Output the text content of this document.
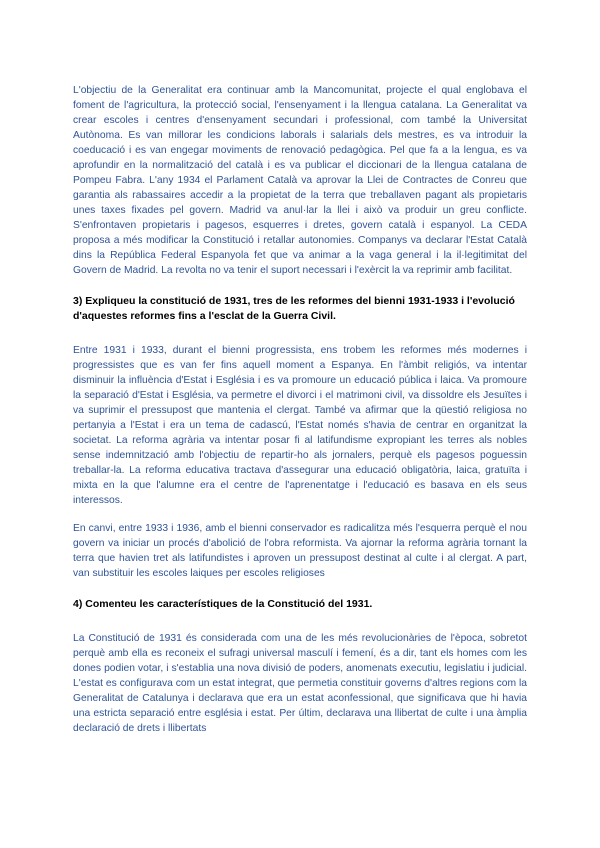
L'objectiu de la Generalitat era continuar amb la Mancomunitat, projecte el qual englobava el foment de l'agricultura, la protecció social, l'ensenyament i la llengua catalana. La Generalitat va crear escoles i centres d'ensenyament secundari i professional, com també la Universitat Autònoma. Es van millorar les condicions laborals i salarials dels mestres, es va introduir la coeducació i es van engegar moviments de renovació pedagògica. Pel que fa a la lengua, es va aprofundir en la normalització del català i es va publicar el diccionari de la llengua catalana de Pompeu Fabra. L'any 1934 el Parlament Català va aprovar la Llei de Contractes de Conreu que garantia als rabassaires accedir a la propietat de la terra que treballaven pagant als propietaris unes taxes fixades pel govern. Madrid va anul·lar la llei i això va produir un greu conflicte. S'enfrontaven propietaris i pagesos, esquerres i dretes, govern català i espanyol. La CEDA proposa a més modificar la Constitució i retallar autonomies. Companys va declarar l'Estat Català dins la República Federal Espanyola fet que va animar a la vaga general i la il·legitimitat del Govern de Madrid. La revolta no va tenir el suport necessari i l'exèrcit la va reprimir amb facilitat.

3) Expliqueu la constitució de 1931, tres de les reformes del bienni 1931-1933 i l'evolució d'aquestes reformes fins a l'esclat de la Guerra Civil.

Entre 1931 i 1933, durant el bienni progressista, ens trobem les reformes més modernes i progressistes que es van fer fins aquell moment a Espanya. En l'àmbit religiós, va intentar disminuir la influència d'Estat i Església i es va promoure un educació pública i laica. Va promoure la separació d'Estat i Església, va permetre el divorci i el matrimoni civil, va dissoldre els Jesuïtes i va suprimir el pressupost que mantenia el clergat. També va afirmar que la qüestió religiosa no pertanyia a l'Estat i era un tema de cadascú, l'Estat només s'havia de centrar en organitzat la societat. La reforma agrària va intentar posar fi al latifundisme expropiant les terres als nobles sense indemnització amb l'objectiu de repartir-ho als jornalers, perquè els pagesos poguessin treballar-la. La reforma educativa tractava d'assegurar una educació obligatòria, laica, gratuïta i mixta en la que l'alumne era el centre de l'aprenentatge i l'educació es basava en els seus interessos.

En canvi, entre 1933 i 1936, amb el bienni conservador es radicalitza més l'esquerra perquè el nou govern va iniciar un procés d'abolició de l'obra reformista. Va ajornar la reforma agrària tornant la terra que havien tret als latifundistes i aproven un pressupost destinat al culte i al clergat. A part, van substituir les escoles laiques per escoles religioses

4) Comenteu les característiques de la Constitució del 1931.

La Constitució de 1931 és considerada com una de les més revolucionàries de l'època, sobretot perquè amb ella es reconeix el sufragi universal masculí i femení, és a dir, tant els homes com les dones podien votar, i s'establia una nova divisió de poders, anomenats executiu, legislatiu i judicial. L'estat es configurava com un estat integrat, que permetia constituir governs d'altres regions com la Generalitat de Catalunya i declarava que era un estat aconfessional, que significava que hi havia una estricta separació entre església i estat. Per últim, declarava una llibertat de culte i una àmplia declaració de drets i llibertats
